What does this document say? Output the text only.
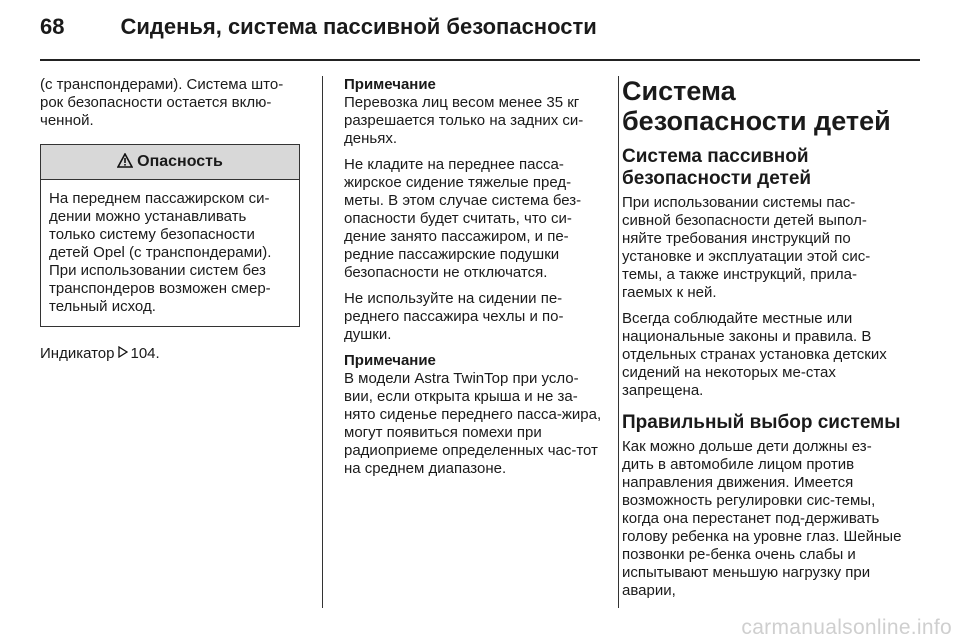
68	Сиденья, система пассивной безопасности

(с транспондерами). Система што-рок безопасности остается вклю-ченной.

Опасность
На переднем пассажирском си-дении можно устанавливать только систему безопасности детей Opel (с транспондерами). При использовании систем без транспондеров возможен смер-тельный исход.

Индикатор 104.

Примечание
Перевозка лиц весом менее 35 кг разрешается только на задних си-деньях.

Не кладите на переднее пасса-жирское сидение тяжелые пред-меты. В этом случае система без-опасности будет считать, что си-дение занято пассажиром, и пе-редние пассажирские подушки безопасности не отключатся.

Не используйте на сидении пе-реднего пассажира чехлы и по-душки.

Примечание
В модели Astra TwinTop при усло-вии, если открыта крыша и не за-нято сиденье переднего пасса-жира, могут появиться помехи при радиоприеме определенных час-тот на среднем диапазоне.
Система безопасности детей
Система пассивной безопасности детей

При использовании системы пас-сивной безопасности детей выпол-няйте требования инструкций по установке и эксплуатации этой сис-темы, а также инструкций, прила-гаемых к ней.

Всегда соблюдайте местные или национальные законы и правила. В отдельных странах установка детских сидений на некоторых ме-стах запрещена.

Правильный выбор системы

Как можно дольше дети должны ез-дить в автомобиле лицом против направления движения. Имеется возможность регулировки сис-темы, когда она перестанет под-держивать голову ребенка на уровне глаз. Шейные позвонки ре-бенка очень слабы и испытывают меньшую нагрузку при аварии,

carmanualsonline.info
